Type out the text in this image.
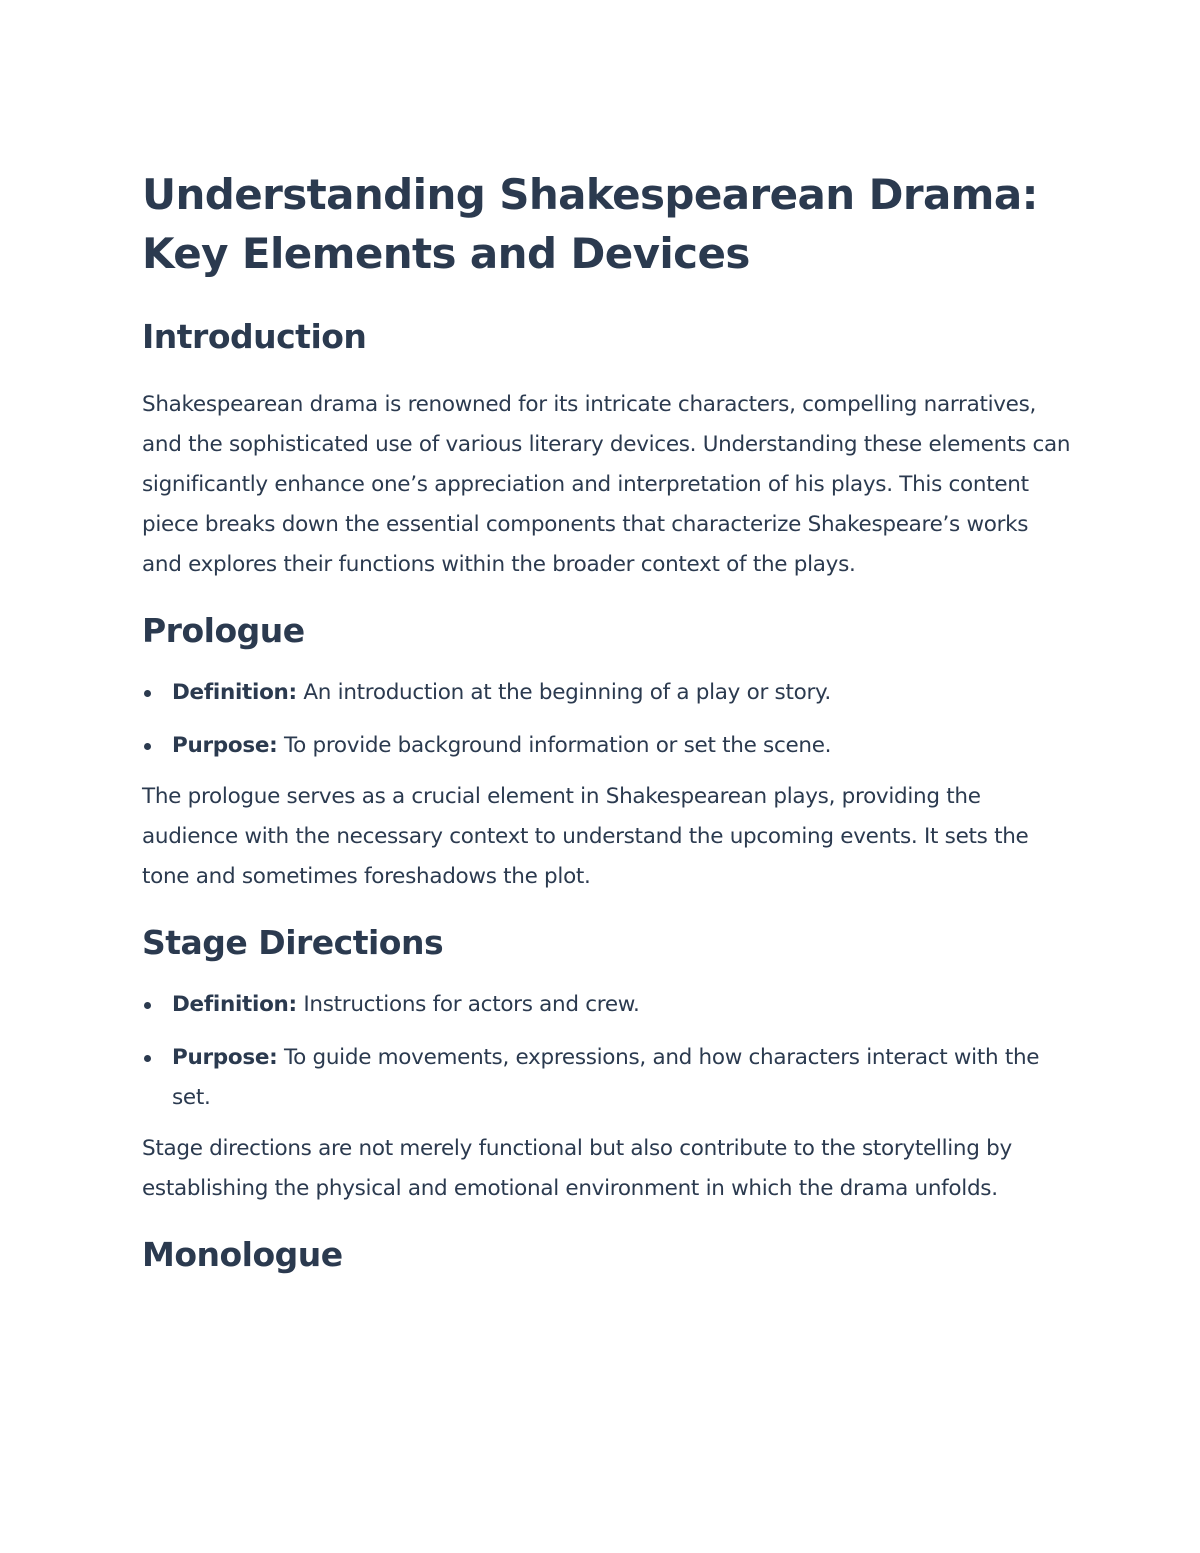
Understanding Shakespearean Drama: Key Elements and Devices
Introduction

Shakespearean drama is renowned for its intricate characters, compelling narratives, and the sophisticated use of various literary devices. Understanding these elements can significantly enhance one’s appreciation and interpretation of his plays. This content piece breaks down the essential components that characterize Shakespeare’s works and explores their functions within the broader context of the plays.

Prologue
Definition: An introduction at the beginning of a play or story.
Purpose: To provide background information or set the scene.

The prologue serves as a crucial element in Shakespearean plays, providing the audience with the necessary context to understand the upcoming events. It sets the tone and sometimes foreshadows the plot.

Stage Directions
Definition: Instructions for actors and crew.
Purpose: To guide movements, expressions, and how characters interact with the set.

Stage directions are not merely functional but also contribute to the storytelling by establishing the physical and emotional environment in which the drama unfolds.

Monologue
